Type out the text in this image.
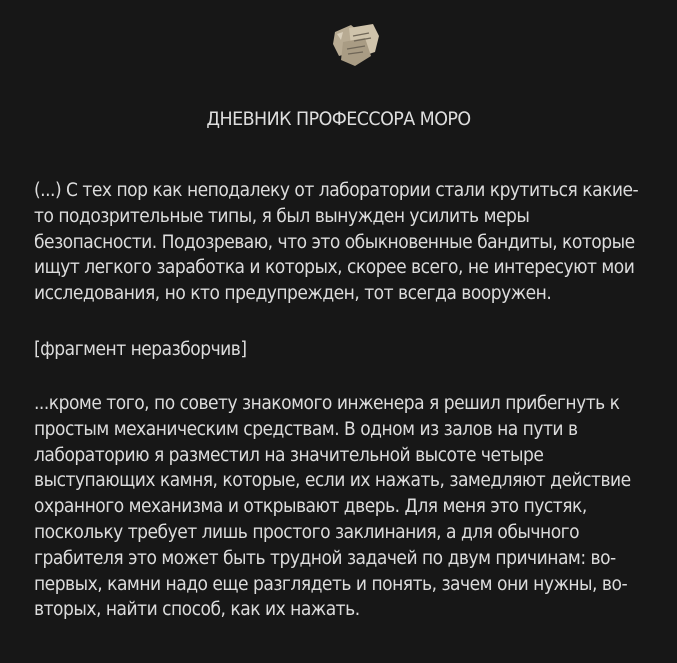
ДНЕВНИК ПРОФЕССОРА МОРО
(...) С тех пор как неподалеку от лаборатории стали крутиться какие-
то подозрительные типы, я был вынужден усилить меры
безопасности. Подозреваю, что это обыкновенные бандиты, которые
ищут легкого заработка и которых, скорее всего, не интересуют мои
исследования, но кто предупрежден, тот всегда вооружен.
[фрагмент неразборчив]
...кроме того, по совету знакомого инженера я решил прибегнуть к
простым механическим средствам. В одном из залов на пути в
лабораторию я разместил на значительной высоте четыре
выступающих камня, которые, если их нажать, замедляют действие
охранного механизма и открывают дверь. Для меня это пустяк,
поскольку требует лишь простого заклинания, а для обычного
грабителя это может быть трудной задачей по двум причинам: во-
первых, камни надо еще разглядеть и понять, зачем они нужны, во-
вторых, найти способ, как их нажать.
